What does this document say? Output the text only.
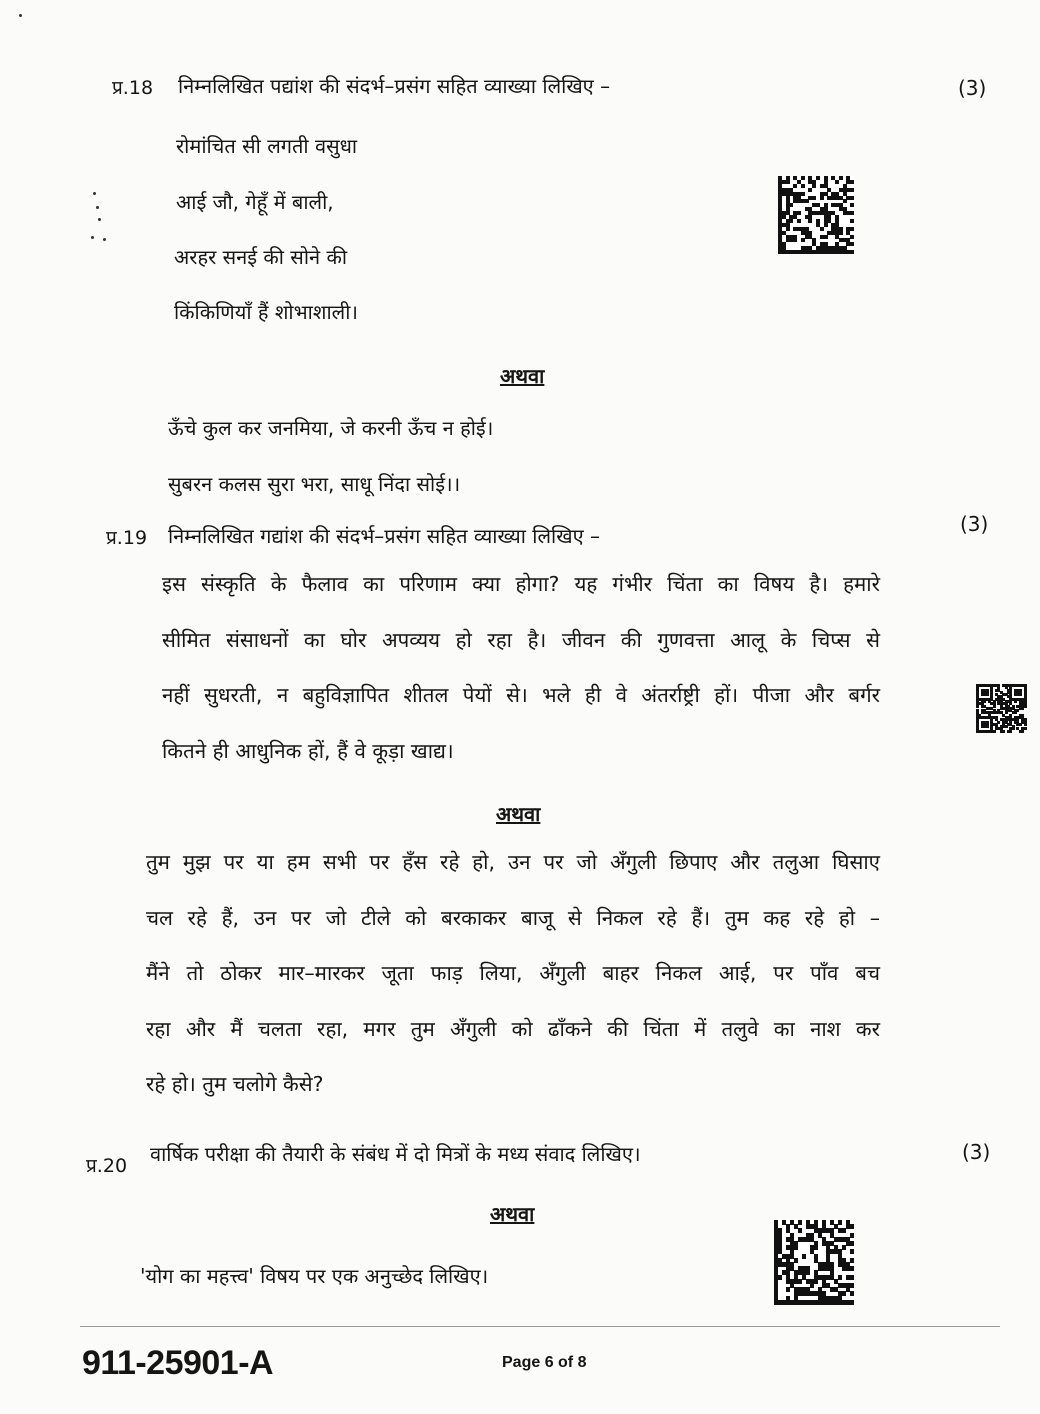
प्र.18 निम्नलिखित पद्यांश की संदर्भ–प्रसंग सहित व्याख्या लिखिए –	(3)
रोमांचित सी लगती वसुधा
आई जौ, गेहूँ में बाली,
अरहर सनई की सोने की
किंकिणियाँ हैं शोभाशाली।
अथवा
ऊँचे कुल कर जनमिया, जे करनी ऊँच न होई।
सुबरन कलस सुरा भरा, साधू निंदा सोई।।
प्र.19 निम्नलिखित गद्यांश की संदर्भ–प्रसंग सहित व्याख्या लिखिए –	(3)
इस संस्कृति के फैलाव का परिणाम क्या होगा? यह गंभीर चिंता का विषय है। हमारे
सीमित संसाधनों का घोर अपव्यय हो रहा है। जीवन की गुणवत्ता आलू के चिप्स से
नहीं सुधरती, न बहुविज्ञापित शीतल पेयों से। भले ही वे अंतर्राष्ट्री हों। पीजा और बर्गर
कितने ही आधुनिक हों, हैं वे कूड़ा खाद्य।
अथवा
तुम मुझ पर या हम सभी पर हँस रहे हो, उन पर जो अँगुली छिपाए और तलुआ घिसाए
चल रहे हैं, उन पर जो टीले को बरकाकर बाजू से निकल रहे हैं। तुम कह रहे हो –
मैंने तो ठोकर मार–मारकर जूता फाड़ लिया, अँगुली बाहर निकल आई, पर पाँव बच
रहा और मैं चलता रहा, मगर तुम अँगुली को ढाँकने की चिंता में तलुवे का नाश कर
रहे हो। तुम चलोगे कैसे?
प्र.20 वार्षिक परीक्षा की तैयारी के संबंध में दो मित्रों के मध्य संवाद लिखिए।	(3)
अथवा
'योग का महत्त्व' विषय पर एक अनुच्छेद लिखिए।
911-25901-A	Page 6 of 8
